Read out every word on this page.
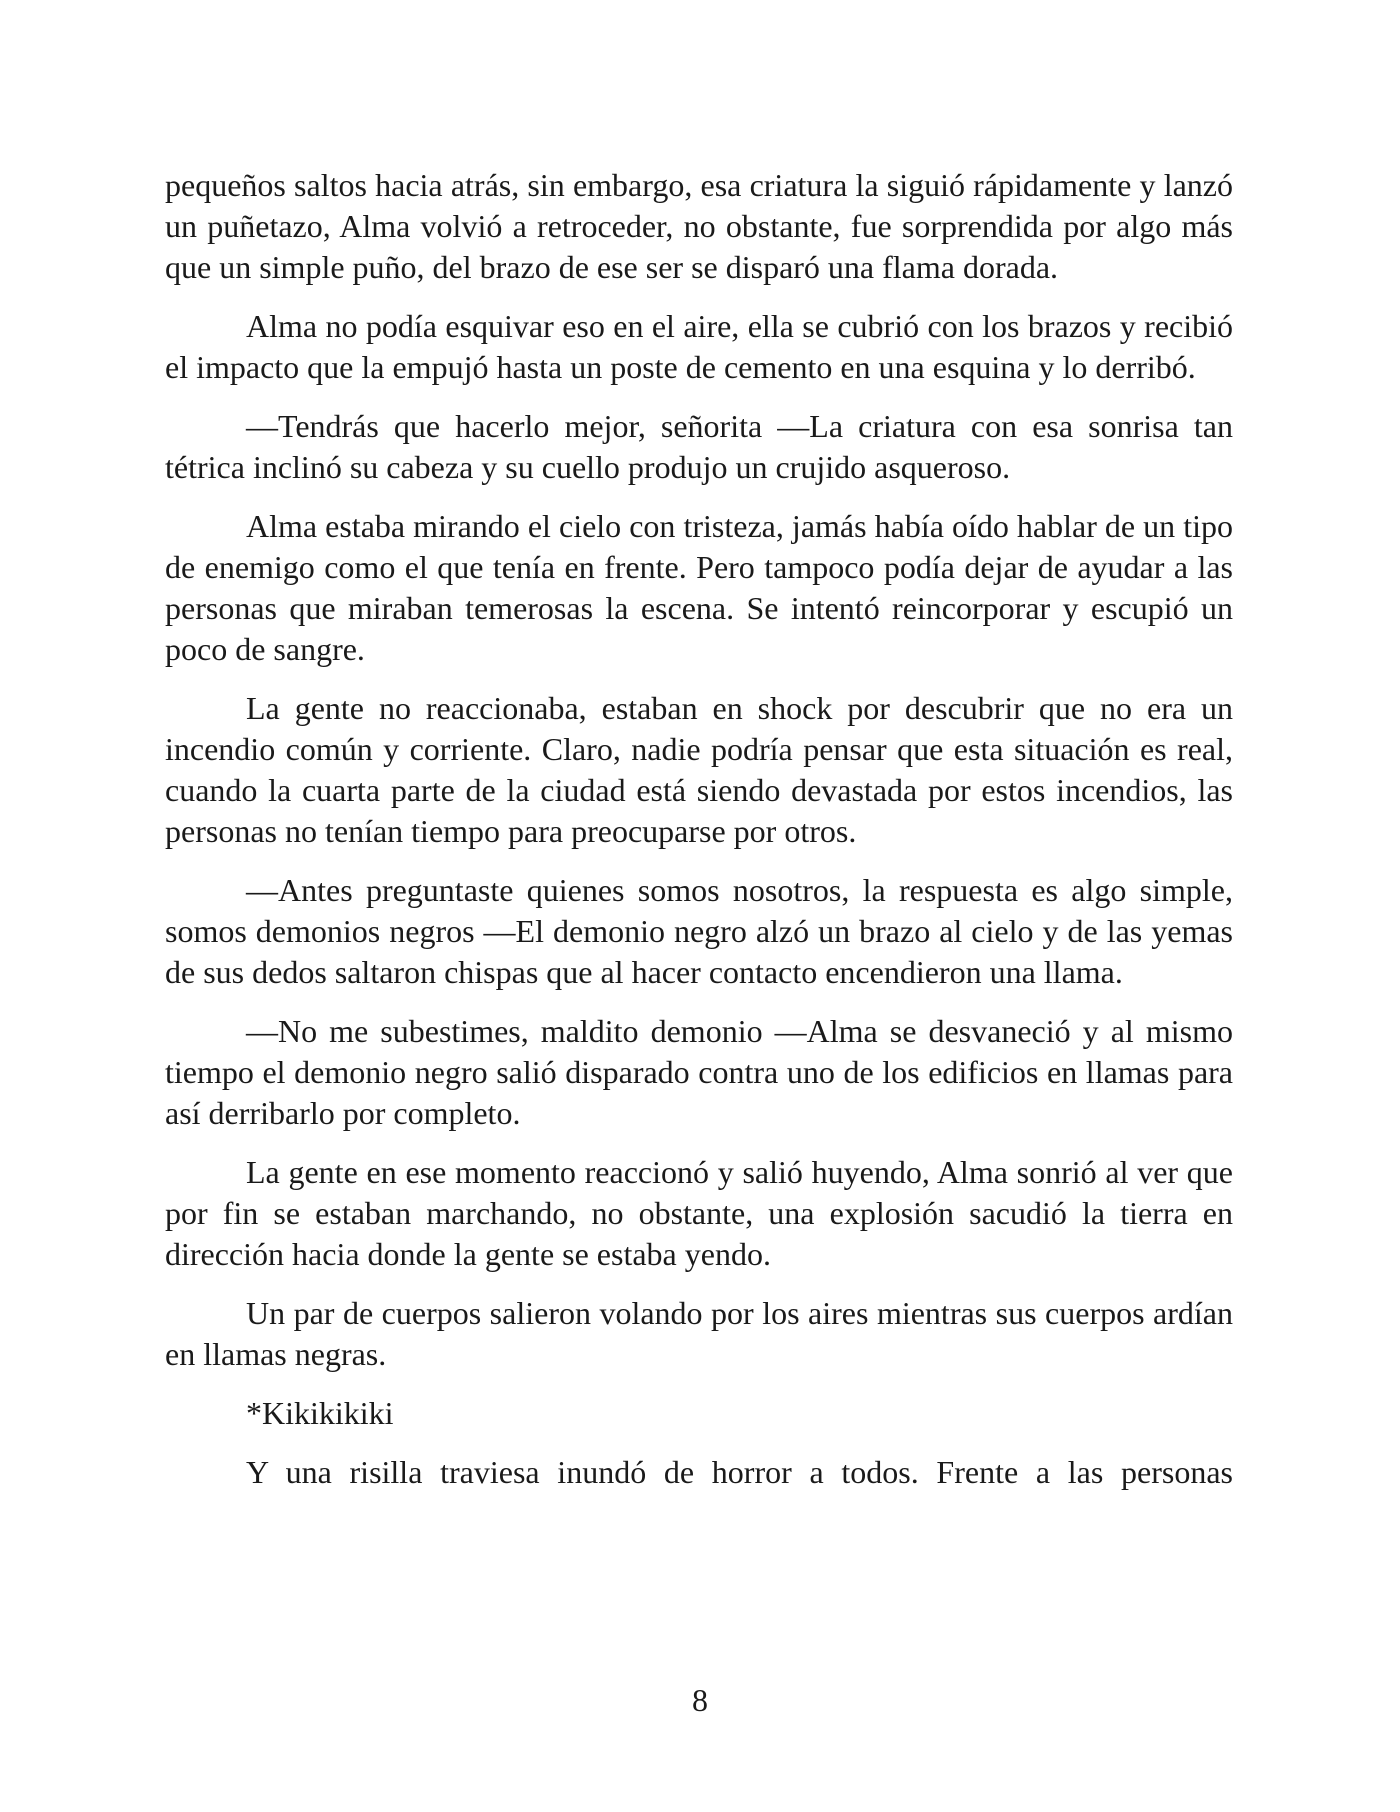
pequeños saltos hacia atrás, sin embargo, esa criatura la siguió rápidamente y lanzó un puñetazo, Alma volvió a retroceder, no obstante, fue sorprendida por algo más que un simple puño, del brazo de ese ser se disparó una flama dorada.

Alma no podía esquivar eso en el aire, ella se cubrió con los brazos y recibió el impacto que la empujó hasta un poste de cemento en una esquina y lo derribó.

—Tendrás que hacerlo mejor, señorita —La criatura con esa sonrisa tan tétrica inclinó su cabeza y su cuello produjo un crujido asqueroso.

Alma estaba mirando el cielo con tristeza, jamás había oído hablar de un tipo de enemigo como el que tenía en frente. Pero tampoco podía dejar de ayudar a las personas que miraban temerosas la escena. Se intentó reincorporar y escupió un poco de sangre.

La gente no reaccionaba, estaban en shock por descubrir que no era un incendio común y corriente. Claro, nadie podría pensar que esta situación es real, cuando la cuarta parte de la ciudad está siendo devastada por estos incendios, las personas no tenían tiempo para preocuparse por otros.

—Antes preguntaste quienes somos nosotros, la respuesta es algo simple, somos demonios negros —El demonio negro alzó un brazo al cielo y de las yemas de sus dedos saltaron chispas que al hacer contacto encendieron una llama.

—No me subestimes, maldito demonio —Alma se desvaneció y al mismo tiempo el demonio negro salió disparado contra uno de los edificios en llamas para así derribarlo por completo.

La gente en ese momento reaccionó y salió huyendo, Alma sonrió al ver que por fin se estaban marchando, no obstante, una explosión sacudió la tierra en dirección hacia donde la gente se estaba yendo.

Un par de cuerpos salieron volando por los aires mientras sus cuerpos ardían en llamas negras.

*Kikikikiki

Y una risilla traviesa inundó de horror a todos. Frente a las personas

8
